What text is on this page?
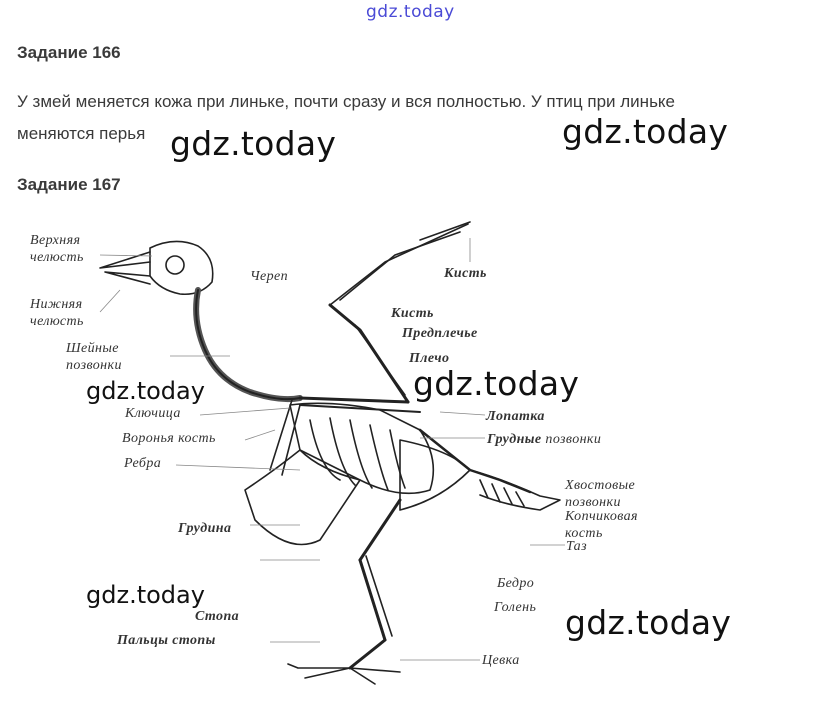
gdz.today
Задание 166
У змей меняется кожа при линьке, почти сразу и вся полностью. У птиц при линьке
меняются перья
Задание 167
Верхняя
челюсть
Нижняя
челюсть
Шейные
позвонки
Ключица
Воронья кость
Ребра
Грудина
Стопа
Пальцы стопы
Череп	Кисть
Кисть
Предплечье
Плечо
Лопатка
Грудные позвонки
Хвостовые
позвонки
Копчиковая
кость
Таз
Бедро
Голень
Цевка
gdz.today	gdz.today
gdz.today
gdz.today
gdz.today
gdz.today
